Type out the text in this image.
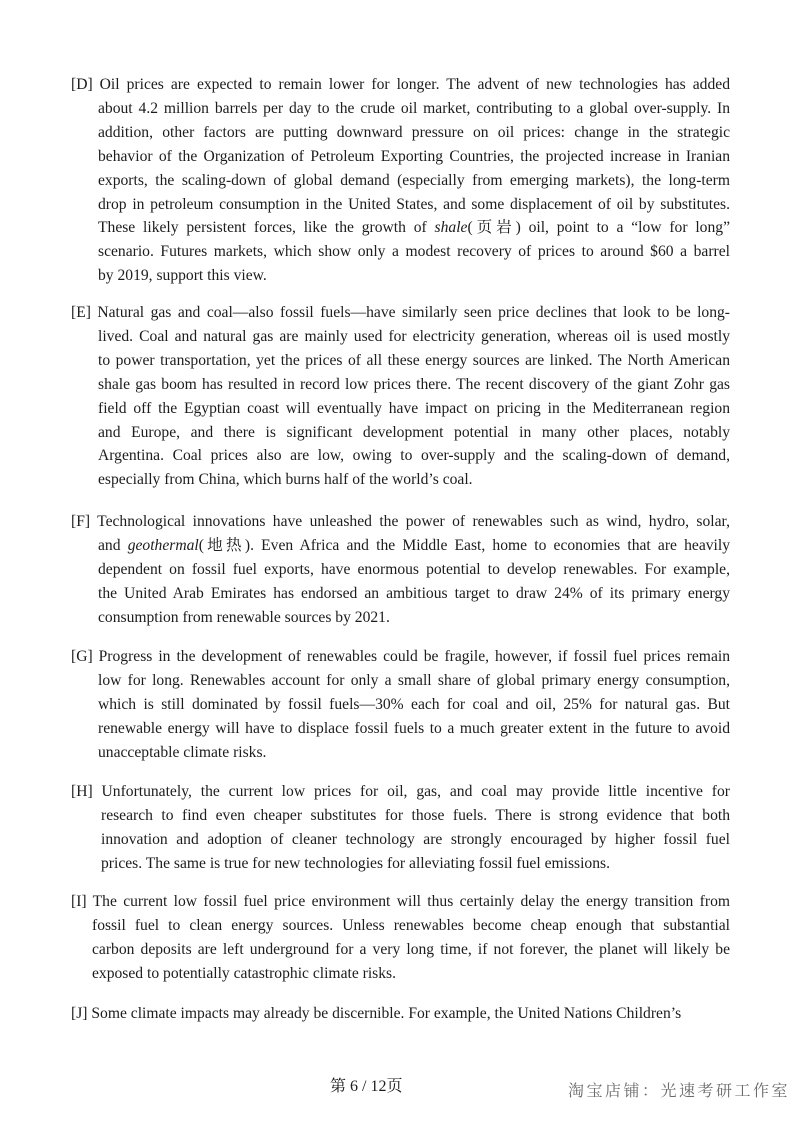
[D] Oil prices are expected to remain lower for longer. The advent of new technologies has added
about 4.2 million barrels per day to the crude oil market, contributing to a global over-supply. In
addition, other factors are putting downward pressure on oil prices: change in the strategic
behavior of the Organization of Petroleum Exporting Countries, the projected increase in Iranian
exports, the scaling-down of global demand (especially from emerging markets), the long-term
drop in petroleum consumption in the United States, and some displacement of oil by substitutes.
These likely persistent forces, like the growth of shale(页岩) oil, point to a “low for long”
scenario. Futures markets, which show only a modest recovery of prices to around $60 a barrel
by 2019, support this view.
[E] Natural gas and coal—also fossil fuels—have similarly seen price declines that look to be long-
lived. Coal and natural gas are mainly used for electricity generation, whereas oil is used mostly
to power transportation, yet the prices of all these energy sources are linked. The North American
shale gas boom has resulted in record low prices there. The recent discovery of the giant Zohr gas
field off the Egyptian coast will eventually have impact on pricing in the Mediterranean region
and Europe, and there is significant development potential in many other places, notably
Argentina. Coal prices also are low, owing to over-supply and the scaling-down of demand,
especially from China, which burns half of the world’s coal.
[F] Technological innovations have unleashed the power of renewables such as wind, hydro, solar,
and geothermal(地热). Even Africa and the Middle East, home to economies that are heavily
dependent on fossil fuel exports, have enormous potential to develop renewables. For example,
the United Arab Emirates has endorsed an ambitious target to draw 24% of its primary energy
consumption from renewable sources by 2021.
[G] Progress in the development of renewables could be fragile, however, if fossil fuel prices remain
low for long. Renewables account for only a small share of global primary energy consumption,
which is still dominated by fossil fuels—30% each for coal and oil, 25% for natural gas. But
renewable energy will have to displace fossil fuels to a much greater extent in the future to avoid
unacceptable climate risks.
[H] Unfortunately, the current low prices for oil, gas, and coal may provide little incentive for
research to find even cheaper substitutes for those fuels. There is strong evidence that both
innovation and adoption of cleaner technology are strongly encouraged by higher fossil fuel
prices. The same is true for new technologies for alleviating fossil fuel emissions.
[I] The current low fossil fuel price environment will thus certainly delay the energy transition from
fossil fuel to clean energy sources. Unless renewables become cheap enough that substantial
carbon deposits are left underground for a very long time, if not forever, the planet will likely be
exposed to potentially catastrophic climate risks.
[J] Some climate impacts may already be discernible. For example, the United Nations Children’s
第 6 / 12页	淘宝店铺：光速考研工作室
